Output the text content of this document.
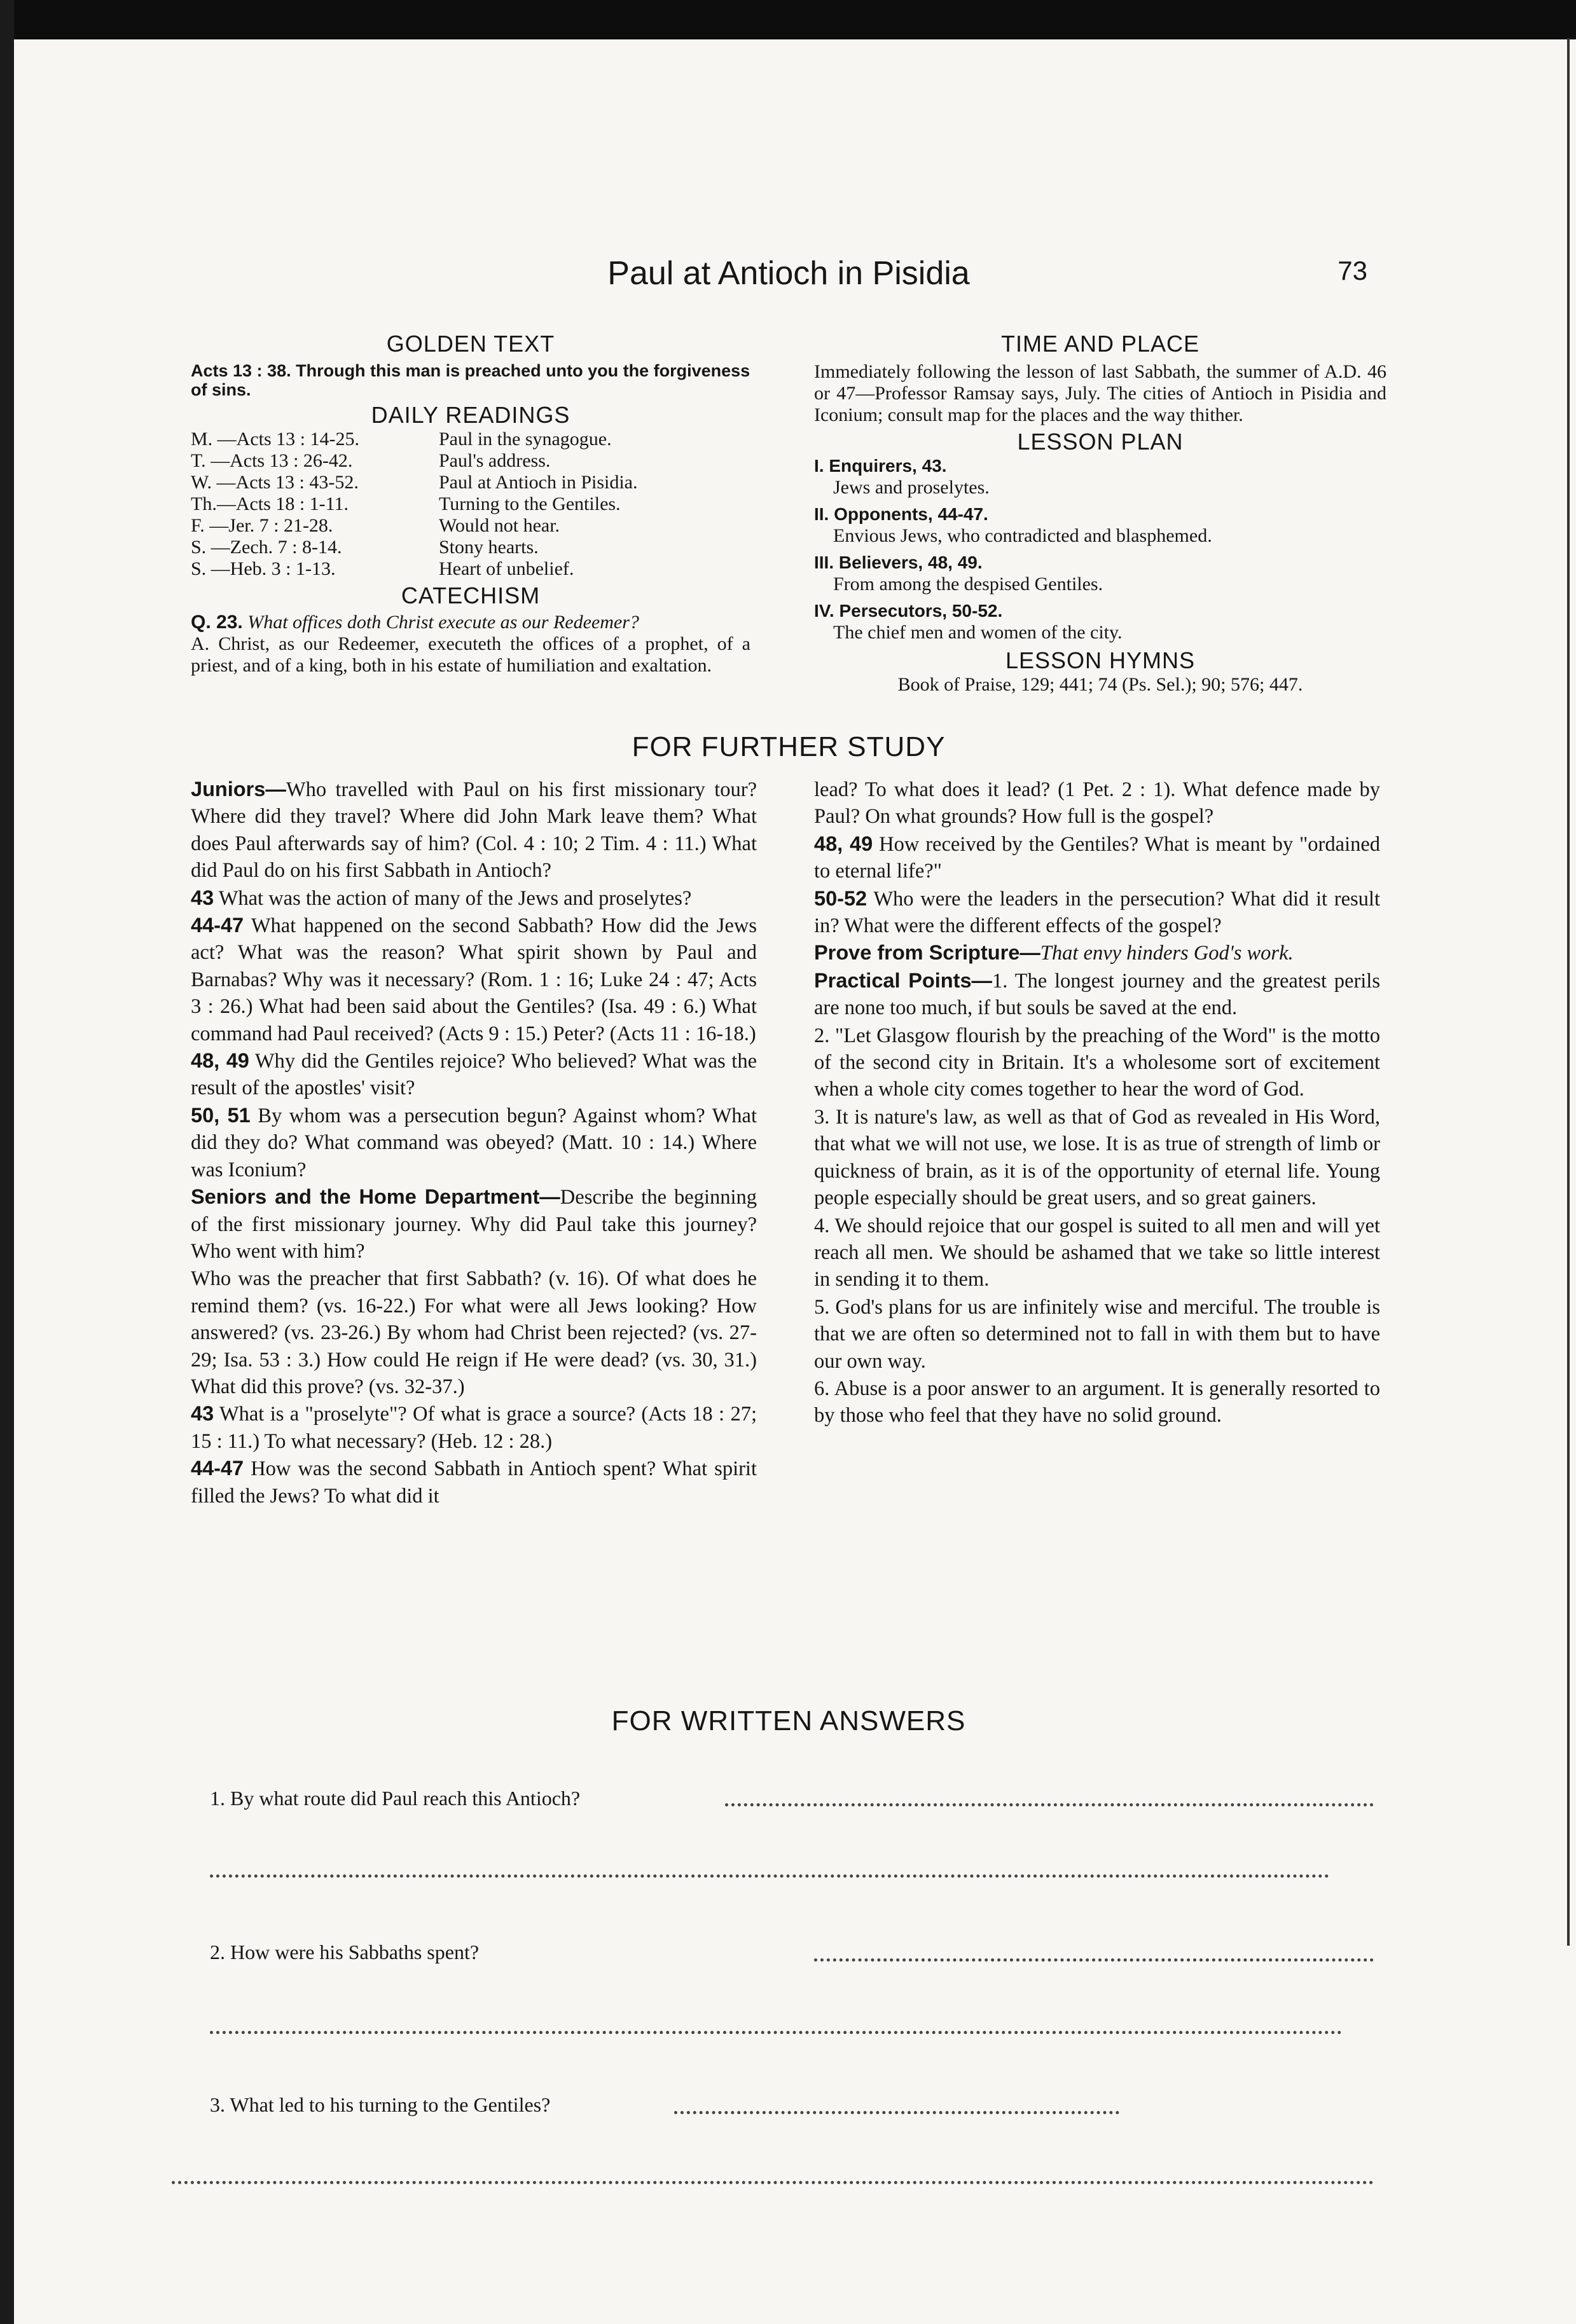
Paul at Antioch in Pisidia	73
GOLDEN TEXT
Acts 13 : 38. Through this man is preached unto you the forgiveness of sins.
DAILY READINGS
M. —Acts 13 : 14-25.	Paul in the synagogue.
T. —Acts 13 : 26-42.	Paul's address.
W. —Acts 13 : 43-52.	Paul at Antioch in Pisidia.
Th.—Acts 18 : 1-11.	Turning to the Gentiles.
F. —Jer. 7 : 21-28.	Would not hear.
S. —Zech. 7 : 8-14.	Stony hearts.
S. —Heb. 3 : 1-13.	Heart of unbelief.
CATECHISM
Q. 23. What offices doth Christ execute as our Redeemer?
A. Christ, as our Redeemer, executeth the offices of a prophet, of a priest, and of a king, both in his estate of humiliation and exaltation.
TIME AND PLACE
Immediately following the lesson of last Sabbath, the summer of A.D. 46 or 47—Professor Ramsay says, July. The cities of Antioch in Pisidia and Iconium; consult map for the places and the way thither.
LESSON PLAN
I. Enquirers, 43.
Jews and proselytes.
II. Opponents, 44-47.
Envious Jews, who contradicted and blasphemed.
III. Believers, 48, 49.
From among the despised Gentiles.
IV. Persecutors, 50-52.
The chief men and women of the city.
LESSON HYMNS
Book of Praise, 129; 441; 74 (Ps. Sel.); 90; 576; 447.
FOR FURTHER STUDY

Juniors—Who travelled with Paul on his first missionary tour? Where did they travel? Where did John Mark leave them? What does Paul afterwards say of him? (Col. 4 : 10; 2 Tim. 4 : 11.) What did Paul do on his first Sabbath in Antioch?

43 What was the action of many of the Jews and proselytes?

44-47 What happened on the second Sabbath? How did the Jews act? What was the reason? What spirit shown by Paul and Barnabas? Why was it necessary? (Rom. 1 : 16; Luke 24 : 47; Acts 3 : 26.) What had been said about the Gentiles? (Isa. 49 : 6.) What command had Paul received? (Acts 9 : 15.) Peter? (Acts 11 : 16-18.)

48, 49 Why did the Gentiles rejoice? Who believed? What was the result of the apostles' visit?

50, 51 By whom was a persecution begun? Against whom? What did they do? What command was obeyed? (Matt. 10 : 14.) Where was Iconium?

Seniors and the Home Department—Describe the beginning of the first missionary journey. Why did Paul take this journey? Who went with him?

Who was the preacher that first Sabbath? (v. 16). Of what does he remind them? (vs. 16-22.) For what were all Jews looking? How answered? (vs. 23-26.) By whom had Christ been rejected? (vs. 27-29; Isa. 53 : 3.) How could He reign if He were dead? (vs. 30, 31.) What did this prove? (vs. 32-37.)

43 What is a "proselyte"? Of what is grace a source? (Acts 18 : 27; 15 : 11.) To what necessary? (Heb. 12 : 28.)

44-47 How was the second Sabbath in Antioch spent? What spirit filled the Jews? To what did it

lead? To what does it lead? (1 Pet. 2 : 1). What defence made by Paul? On what grounds? How full is the gospel?

48, 49 How received by the Gentiles? What is meant by "ordained to eternal life?"

50-52 Who were the leaders in the persecution? What did it result in? What were the different effects of the gospel?

Prove from Scripture—That envy hinders God's work.

Practical Points—1. The longest journey and the greatest perils are none too much, if but souls be saved at the end.

2. "Let Glasgow flourish by the preaching of the Word" is the motto of the second city in Britain. It's a wholesome sort of excitement when a whole city comes together to hear the word of God.

3. It is nature's law, as well as that of God as revealed in His Word, that what we will not use, we lose. It is as true of strength of limb or quickness of brain, as it is of the opportunity of eternal life. Young people especially should be great users, and so great gainers.

4. We should rejoice that our gospel is suited to all men and will yet reach all men. We should be ashamed that we take so little interest in sending it to them.

5. God's plans for us are infinitely wise and merciful. The trouble is that we are often so determined not to fall in with them but to have our own way.

6. Abuse is a poor answer to an argument. It is generally resorted to by those who feel that they have no solid ground.

FOR WRITTEN ANSWERS
1. By what route did Paul reach this Antioch?
2. How were his Sabbaths spent?
3. What led to his turning to the Gentiles?
